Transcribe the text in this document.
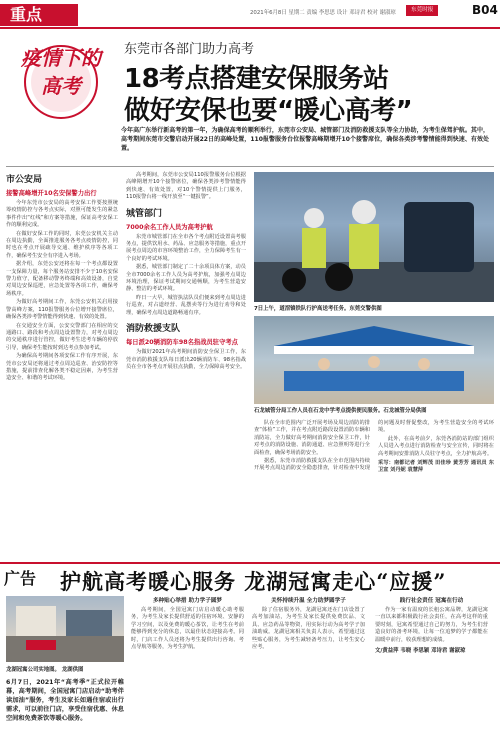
重点	2021年6月8日 星期二 责编 李思思 设计 邓诗君 校对 谢淑琼	东莞时报	B04
疫情下的高考
东莞市各部门助力高考
18考点搭建安保服务站
做好安保也要“暖心高考”
今年高广东举行新高考的第一年，为确保高考的顺利举行，东莞市公安局、城管部门及消防救援支队等全力协助，为考生保驾护航。其中，高考期间东莞市交警启动开展22日的高峰处置，110报警服务台位报警高峰期增开10个接警席位，确保各类涉考警情能得到快速、有效处置。
市公安局
接警高峰增开10名安保警力出行

今年东莞市公安局的高考安保工作要按照统筹疫情防控与各考点实际，对照可能发生的紧急事件作出“红线”和方案等措施，保证高考安保工作的顺利完成。

在做好安保工作的同时，东莞公安机关主动在周边执勤，全面推进服务各考点疫情防控，同时也在考点开展疏导交通、维护秩序等各项工作，确保考生安全有序进入考场。

据介绍，东莞公安还将在每一个考点都设置一支保障力量，每个服务站安排不少于10名安保警力值守，配备移动警务终端和高效设备，自觉对周边安保巡逻，应急处置等各项工作，确保考场秩序。

为做好高考期间工作，东莞公安机关启用接警高峰方案，110报警服务台位增开接警席位，确保各类涉考警情能得到快速、有效的处置。

在交通安全方面，公安交警部门在相应的交通路口、路段和考点周边设置警力，对考点周边的交通秩序进行管控，做好考生送考车辆的停放引导，确保考生能按时到达考点参加考试。

为确保高考期间各项安保工作有序开展，东莞市公安局还将通过考点周边巡查、治安防控等措施，提前排查化解各类不稳定因素，为考生营造安全、和谐的考试环境。

高考期间，东莞市公安局110报警服务台位根据高峰期增开10个接警席位，确保各类涉考警情能得到快速、有效处置，对10个警情提供上门服务，110报警台将一线开放至“一键报警”。

城管部门
7000余名工作人员为高考护航

东莞市城管部门在全市各个考点附近设置高考服务点，提供饮用水、药品、应急服务等措施，重点开展考点周边的市容环境整治工作，全力保障考生有一个良好的考试环境。

据悉，城管部门制定了二十余项具体方案，动员全市7000余名工作人员为高考护航，加强考点周边环境治理，保证考试期间交通畅顺，为考生营造安静、整洁的考试环境。

昨日一大早，城管执法队员们便来到考点周边进行巡查，对占道经营、乱摆卖等行为进行劝导和处理，确保考点周边道路畅通有序。

消防救援支队
每日派20辆消防车98名指战员驻守考点

为做好2021年高考期间消防安全保卫工作，东莞市消防救援支队每日派出20辆消防车、98名指战员在全市各考点开展驻点执勤，全力保障高考安全。

7日上午，道滘镇铁队行护高送考任务。东莞交警供图
石龙城管分局工作人员在石龙中学考点提供便民服务。石龙城管分局供图

队在全市范围内广泛开展考场及周边消防的排查“体检”工作，并在考点附近路段设置消防车辆和消防站，全力做好高考期间消防安全保卫工作，针对考点的消防设施、消防通道、应急照明等进行全面检查，确保考场消防安全。

据悉，东莞市消防救援支队在全市范围内持续开展考点周边消防安全隐患排查，针对检查中发现的问题及时督促整改，为考生营造安全的考试环境。

此外，在高考前夕，东莞各消防站的部门组织人员进入考点进行消防检查与安全宣传，同时将在高考期间安排消防人员驻守考点，全力护航高考。

采写：南都记者 刘辉茂 田佳珍 黄芳芳 通讯员 东卫宣 刘丹妮 袁慧萍

广告 护航高考暖心服务 龙湖冠寓走心“应援”
龙湖冠寓公司实地图。 龙湖供图
6月7日，2021年“高考季”正式拉开帷幕，高考期间，全国冠寓门店启动“助考伴读加油”服务，考生及家长如遇住宿或出行需求，可以前往门店，享受住宿优惠、休息空间和免费茶饮等暖心服务。
多种贴心举措 助力学子圆梦

高考期间，全国冠寓门店启动暖心助考服务，为考生及家长提供舒适的住宿环境、安静的学习空间，以及免费的暖心茶饮，让考生在考前能够得到充分的休息，以最佳状态迎接高考。同时，门店工作人员还将为考生提供出行咨询、考点导航等服务，为考生护航。

关怀持续升温 全力助梦圆学子

除了住宿服务外，龙湖冠寓还在门店设置了高考加油站，为考生及家长提供免费饮品、文具、应急药品等物资，用实际行动为高考学子加油助威。龙湖冠寓相关负责人表示，希望通过这些贴心服务，为考生减轻备考压力，让考生安心应考。

践行社会责任 冠寓在行动

作为一家有温度的长租公寓品牌，龙湖冠寓一直以来都积极践行社会责任，在高考这样的重要时刻，冠寓希望通过自己的努力，为考生们营造良好的备考环境，让每一位追梦的学子都能在温暖中前行，收获理想的成绩。

文/黄益萍 韦晓 李思颖 邓诗君 谢淑琼
